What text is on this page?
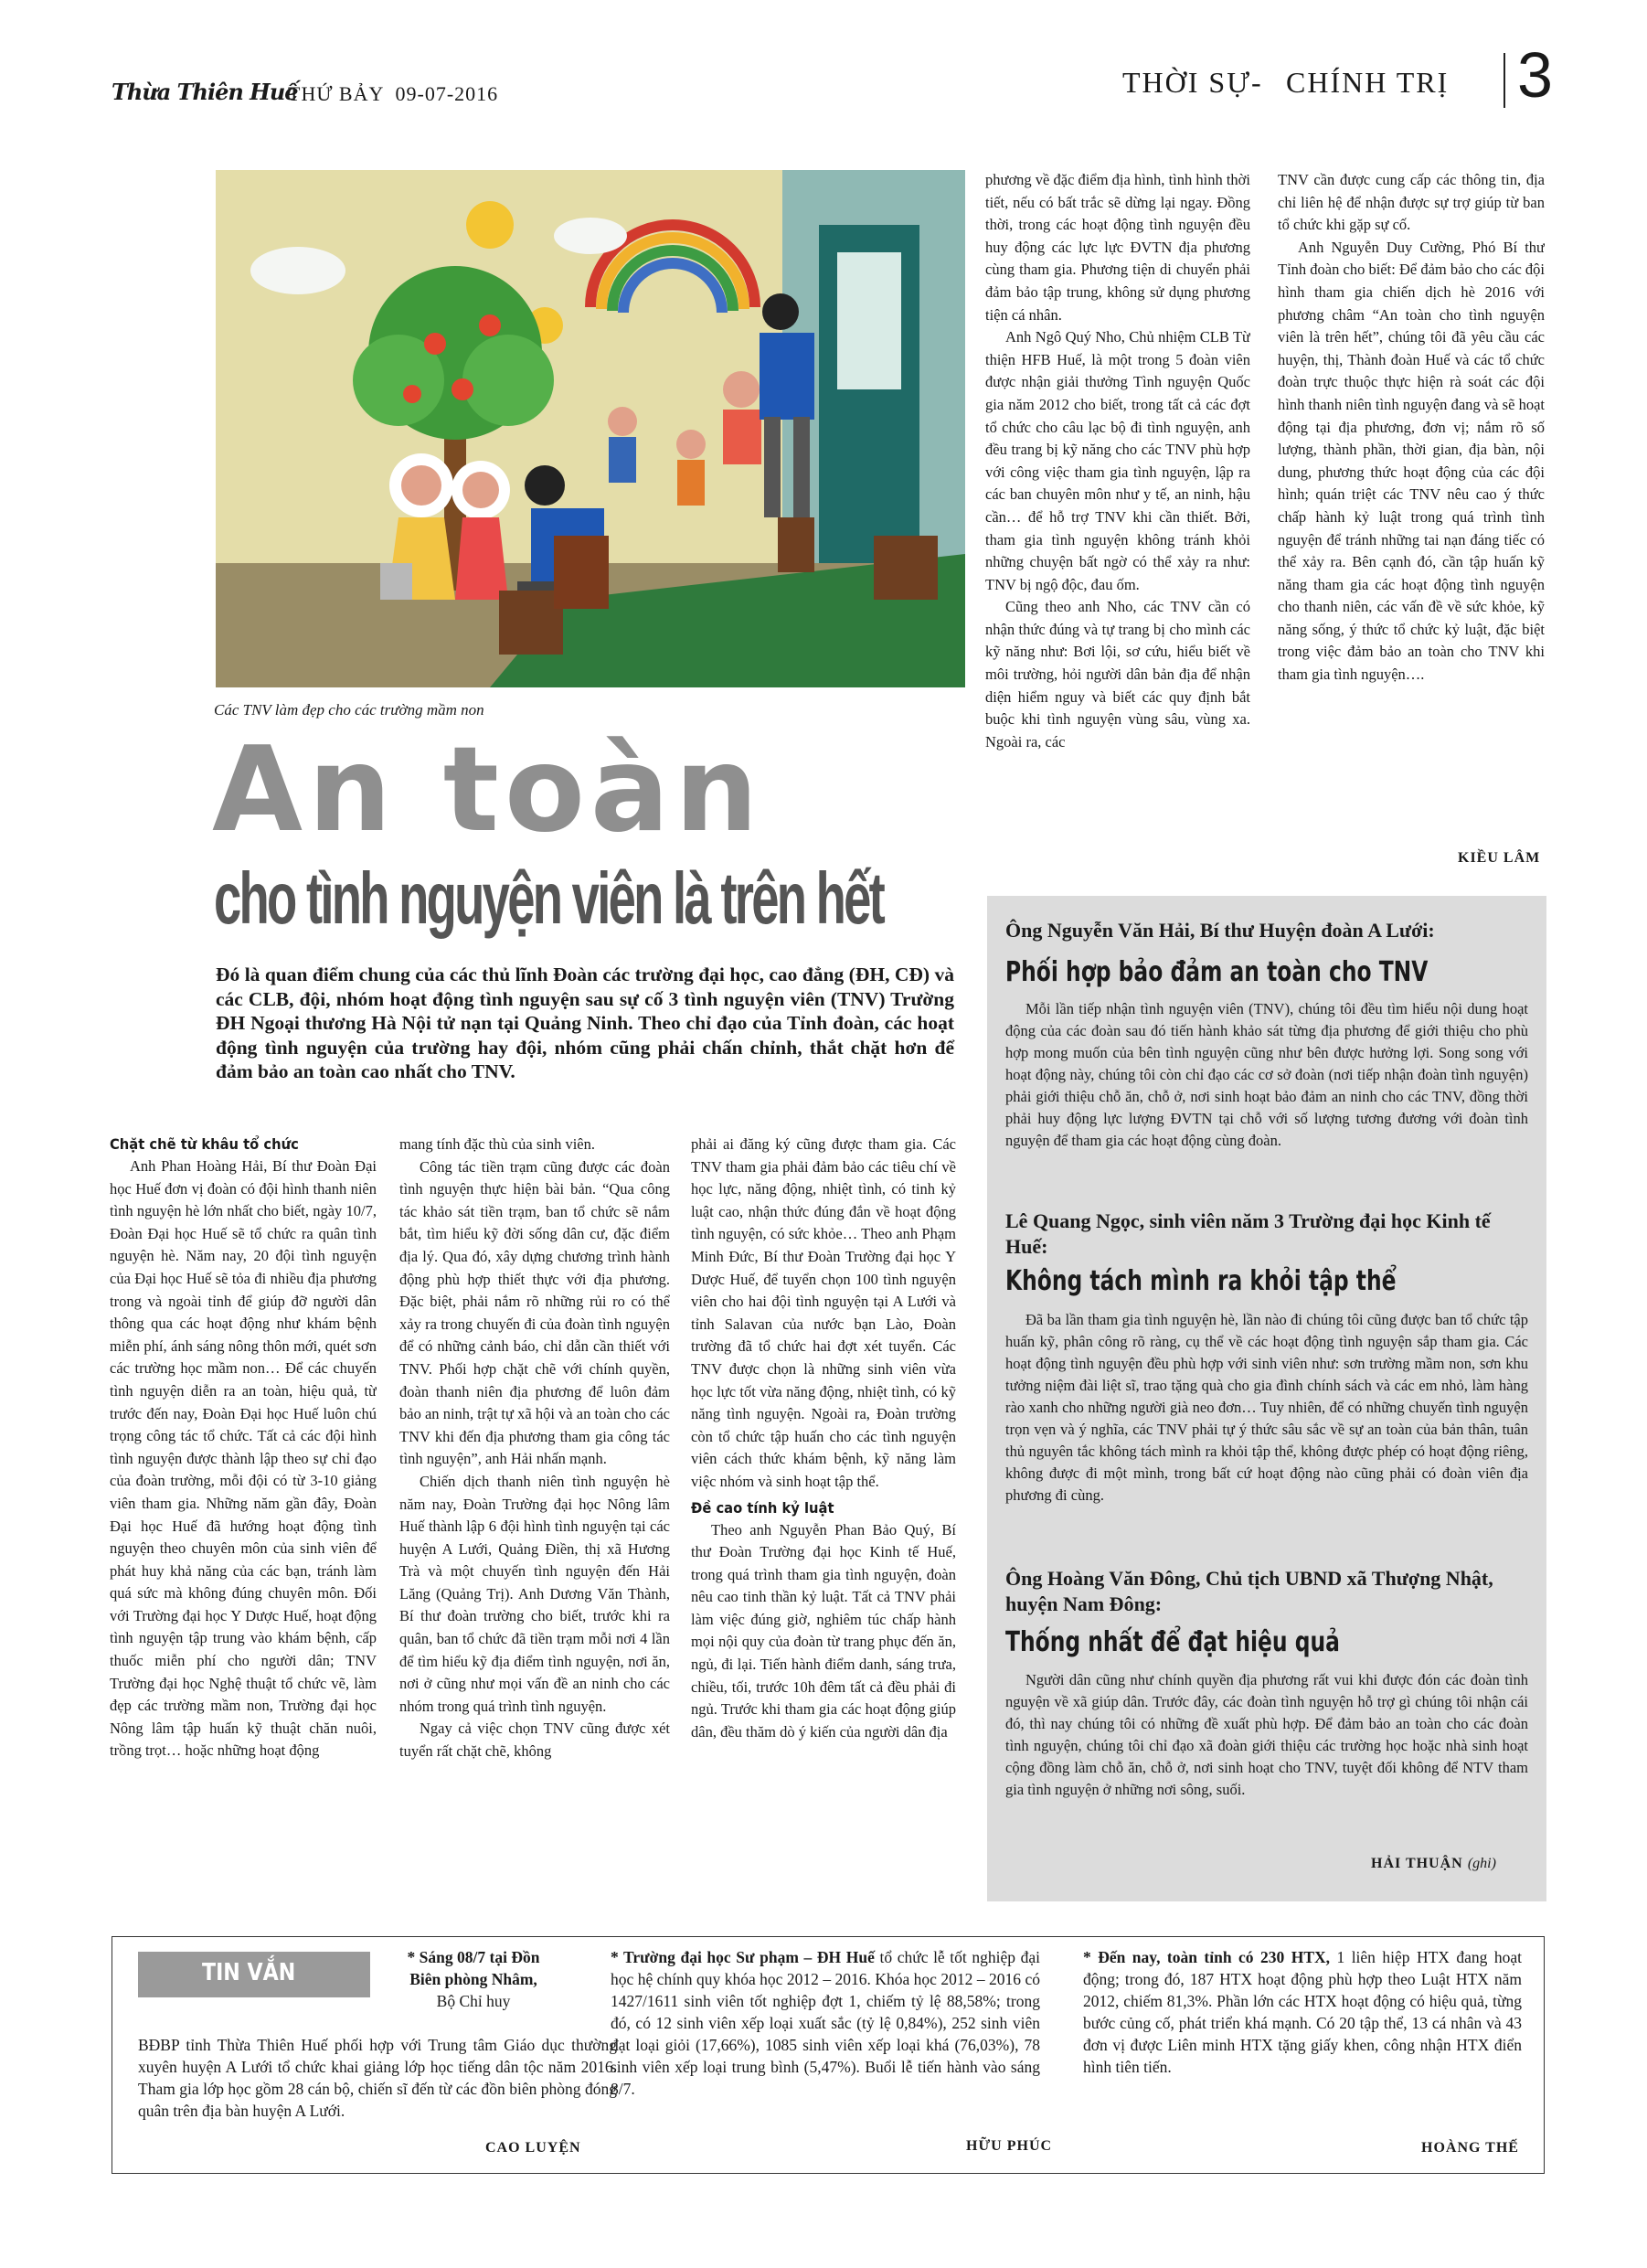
Thừa Thiên Huế
THỨ BẢY  09-07-2016	THỜI SỰ- CHÍNH TRỊ 3
Các TNV làm đẹp cho các trường mầm non
An toàn
cho tình nguyện viên là trên hết
Đó là quan điểm chung của các thủ lĩnh Đoàn các trường đại học, cao đẳng (ĐH, CĐ) và các CLB, đội, nhóm hoạt động tình nguyện sau sự cố 3 tình nguyện viên (TNV) Trường ĐH Ngoại thương Hà Nội tử nạn tại Quảng Ninh. Theo chỉ đạo của Tỉnh đoàn, các hoạt động tình nguyện của trường hay đội, nhóm cũng phải chấn chỉnh, thắt chặt hơn để đảm bảo an toàn cao nhất cho TNV.
Chặt chẽ từ khâu tổ chức

Anh Phan Hoàng Hải, Bí thư Đoàn Đại học Huế đơn vị đoàn có đội hình thanh niên tình nguyện hè lớn nhất cho biết, ngày 10/7, Đoàn Đại học Huế sẽ tổ chức ra quân tình nguyện hè. Năm nay, 20 đội tình nguyện của Đại học Huế sẽ tỏa đi nhiều địa phương trong và ngoài tỉnh để giúp đỡ người dân thông qua các hoạt động như khám bệnh miễn phí, ánh sáng nông thôn mới, quét sơn các trường học mầm non… Để các chuyến tình nguyện diễn ra an toàn, hiệu quả, từ trước đến nay, Đoàn Đại học Huế luôn chú trọng công tác tổ chức. Tất cả các đội hình tình nguyện được thành lập theo sự chỉ đạo của đoàn trường, mỗi đội có từ 3-10 giảng viên tham gia. Những năm gần đây, Đoàn Đại học Huế đã hướng hoạt động tình nguyện theo chuyên môn của sinh viên để phát huy khả năng của các bạn, tránh làm quá sức mà không đúng chuyên môn. Đối với Trường đại học Y Dược Huế, hoạt động tình nguyện tập trung vào khám bệnh, cấp thuốc miễn phí cho người dân; TNV Trường đại học Nghệ thuật tổ chức vẽ, làm đẹp các trường mầm non, Trường đại học Nông lâm tập huấn kỹ thuật chăn nuôi, trồng trọt… hoặc những hoạt động

mang tính đặc thù của sinh viên.

Công tác tiền trạm cũng được các đoàn tình nguyện thực hiện bài bản. “Qua công tác khảo sát tiền trạm, ban tổ chức sẽ nắm bắt, tìm hiểu kỹ đời sống dân cư, đặc điểm địa lý. Qua đó, xây dựng chương trình hành động phù hợp thiết thực với địa phương. Đặc biệt, phải nắm rõ những rủi ro có thể xảy ra trong chuyến đi của đoàn tình nguyện để có những cảnh báo, chỉ dẫn cần thiết với TNV. Phối hợp chặt chẽ với chính quyền, đoàn thanh niên địa phương để luôn đảm bảo an ninh, trật tự xã hội và an toàn cho các TNV khi đến địa phương tham gia công tác tình nguyện”, anh Hải nhấn mạnh.

Chiến dịch thanh niên tình nguyện hè năm nay, Đoàn Trường đại học Nông lâm Huế thành lập 6 đội hình tình nguyện tại các huyện A Lưới, Quảng Điền, thị xã Hương Trà và một chuyến tình nguyện đến Hải Lăng (Quảng Trị). Anh Dương Văn Thành, Bí thư đoàn trường cho biết, trước khi ra quân, ban tổ chức đã tiền trạm mỗi nơi 4 lần để tìm hiểu kỹ địa điểm tình nguyện, nơi ăn, nơi ở cũng như mọi vấn đề an ninh cho các nhóm trong quá trình tình nguyện.

Ngay cả việc chọn TNV cũng được xét tuyển rất chặt chẽ, không

phải ai đăng ký cũng được tham gia. Các TNV tham gia phải đảm bảo các tiêu chí về học lực, năng động, nhiệt tình, có tinh kỷ luật cao, nhận thức đúng đắn về hoạt động tình nguyện, có sức khỏe… Theo anh Phạm Minh Đức, Bí thư Đoàn Trường đại học Y Dược Huế, để tuyển chọn 100 tình nguyện viên cho hai đội tình nguyện tại A Lưới và tỉnh Salavan của nước bạn Lào, Đoàn trường đã tổ chức hai đợt xét tuyển. Các TNV được chọn là những sinh viên vừa học lực tốt vừa năng động, nhiệt tình, có kỹ năng tình nguyện. Ngoài ra, Đoàn trường còn tổ chức tập huấn cho các tình nguyện viên cách thức khám bệnh, kỹ năng làm việc nhóm và sinh hoạt tập thể.

Đề cao tính kỷ luật

Theo anh Nguyễn Phan Bảo Quý, Bí thư Đoàn Trường đại học Kinh tế Huế, trong quá trình tham gia tình nguyện, đoàn nêu cao tinh thần kỷ luật. Tất cả TNV phải làm việc đúng giờ, nghiêm túc chấp hành mọi nội quy của đoàn từ trang phục đến ăn, ngủ, đi lại. Tiến hành điểm danh, sáng trưa, chiều, tối, trước 10h đêm tất cả đều phải đi ngủ. Trước khi tham gia các hoạt động giúp dân, đều thăm dò ý kiến của người dân địa

phương về đặc điểm địa hình, tình hình thời tiết, nếu có bất trắc sẽ dừng lại ngay. Đồng thời, trong các hoạt động tình nguyện đều huy động các lực lực ĐVTN địa phương cùng tham gia. Phương tiện di chuyển phải đảm bảo tập trung, không sử dụng phương tiện cá nhân.

Anh Ngô Quý Nho, Chủ nhiệm CLB Từ thiện HFB Huế, là một trong 5 đoàn viên được nhận giải thưởng Tình nguyện Quốc gia năm 2012 cho biết, trong tất cả các đợt tổ chức cho câu lạc bộ đi tình nguyện, anh đều trang bị kỹ năng cho các TNV phù hợp với công việc tham gia tình nguyện, lập ra các ban chuyên môn như y tế, an ninh, hậu cần… để hỗ trợ TNV khi cần thiết. Bởi, tham gia tình nguyện không tránh khỏi những chuyện bất ngờ có thể xảy ra như: TNV bị ngộ độc, đau ốm.

Cũng theo anh Nho, các TNV cần có nhận thức đúng và tự trang bị cho mình các kỹ năng như: Bơi lội, sơ cứu, hiểu biết về môi trường, hỏi người dân bản địa để nhận diện hiểm nguy và biết các quy định bắt buộc khi tình nguyện vùng sâu, vùng xa. Ngoài ra, các

TNV cần được cung cấp các thông tin, địa chỉ liên hệ để nhận được sự trợ giúp từ ban tổ chức khi gặp sự cố.

Anh Nguyễn Duy Cường, Phó Bí thư Tỉnh đoàn cho biết: Để đảm bảo cho các đội hình tham gia chiến dịch hè 2016 với phương châm “An toàn cho tình nguyện viên là trên hết”, chúng tôi đã yêu cầu các huyện, thị, Thành đoàn Huế và các tổ chức đoàn trực thuộc thực hiện rà soát các đội hình thanh niên tình nguyện đang và sẽ hoạt động tại địa phương, đơn vị; nắm rõ số lượng, thành phần, thời gian, địa bàn, nội dung, phương thức hoạt động của các đội hình; quán triệt các TNV nêu cao ý thức chấp hành kỷ luật trong quá trình tình nguyện để tránh những tai nạn đáng tiếc có thể xảy ra. Bên cạnh đó, cần tập huấn kỹ năng tham gia các hoạt động tình nguyện cho thanh niên, các vấn đề về sức khỏe, kỹ năng sống, ý thức tổ chức kỷ luật, đặc biệt trong việc đảm bảo an toàn cho TNV khi tham gia tình nguyện….

KIỀU LÂM
Ông Nguyễn Văn Hải, Bí thư Huyện đoàn A Lưới:
Phối hợp bảo đảm an toàn cho TNV
Mỗi lần tiếp nhận tình nguyện viên (TNV), chúng tôi đều tìm hiểu nội dung hoạt động của các đoàn sau đó tiến hành khảo sát từng địa phương để giới thiệu cho phù hợp mong muốn của bên tình nguyện cũng như bên được hưởng lợi. Song song với hoạt động này, chúng tôi còn chỉ đạo các cơ sở đoàn (nơi tiếp nhận đoàn tình nguyện) phải giới thiệu chỗ ăn, chỗ ở, nơi sinh hoạt bảo đảm an ninh cho các TNV, đồng thời phải huy động lực lượng ĐVTN tại chỗ với số lượng tương đương với đoàn tình nguyện để tham gia các hoạt động cùng đoàn.
Lê Quang Ngọc, sinh viên năm 3 Trường đại học Kinh tế Huế:
Không tách mình ra khỏi tập thể
Đã ba lần tham gia tình nguyện hè, lần nào đi chúng tôi cũng được ban tổ chức tập huấn kỹ, phân công rõ ràng, cụ thể về các hoạt động tình nguyện sắp tham gia. Các hoạt động tình nguyện đều phù hợp với sinh viên như: sơn trường mầm non, sơn khu tưởng niệm đài liệt sĩ, trao tặng quà cho gia đình chính sách và các em nhỏ, làm hàng rào xanh cho những người già neo đơn… Tuy nhiên, để có những chuyến tình nguyện trọn vẹn và ý nghĩa, các TNV phải tự ý thức sâu sắc về sự an toàn của bản thân, tuân thủ nguyên tắc không tách mình ra khỏi tập thể, không được phép có hoạt động riêng, không được đi một mình, trong bất cứ hoạt động nào cũng phải có đoàn viên địa phương đi cùng.
Ông Hoàng Văn Đông, Chủ tịch UBND xã Thượng Nhật, huyện Nam Đông:
Thống nhất để đạt hiệu quả
Người dân cũng như chính quyền địa phương rất vui khi được đón các đoàn tình nguyện về xã giúp dân. Trước đây, các đoàn tình nguyện hỗ trợ gì chúng tôi nhận cái đó, thì nay chúng tôi có những đề xuất phù hợp. Để đảm bảo an toàn cho các đoàn tình nguyện, chúng tôi chỉ đạo xã đoàn giới thiệu các trường học hoặc nhà sinh hoạt cộng đồng làm chỗ ăn, chỗ ở, nơi sinh hoạt cho TNV, tuyệt đối không để NTV tham gia tình nguyện ở những nơi sông, suối.
HẢI THUẬN (ghi)
TIN VẮN
* Sáng 08/7 tại Đồn Biên phòng Nhâm, Bộ Chỉ huy
BĐBP tỉnh Thừa Thiên Huế phối hợp với Trung tâm Giáo dục thường xuyên huyện A Lưới tổ chức khai giảng lớp học tiếng dân tộc năm 2016. Tham gia lớp học gồm 28 cán bộ, chiến sĩ đến từ các đồn biên phòng đóng quân trên địa bàn huyện A Lưới.
CAO LUYỆN
* Trường đại học Sư phạm – ĐH Huế tổ chức lễ tốt nghiệp đại học hệ chính quy khóa học 2012 – 2016. Khóa học 2012 – 2016 có 1427/1611 sinh viên tốt nghiệp đợt 1, chiếm tỷ lệ 88,58%; trong đó, có 12 sinh viên xếp loại xuất sắc (tỷ lệ 0,84%), 252 sinh viên đạt loại giỏi (17,66%), 1085 sinh viên xếp loại khá (76,03%), 78 sinh viên xếp loại trung bình (5,47%). Buổi lễ tiến hành vào sáng 8/7.
HỮU PHÚC
* Đến nay, toàn tỉnh có 230 HTX, 1 liên hiệp HTX đang hoạt động; trong đó, 187 HTX hoạt động phù hợp theo Luật HTX năm 2012, chiếm 81,3%. Phần lớn các HTX hoạt động có hiệu quả, từng bước củng cố, phát triển khá mạnh. Có 20 tập thể, 13 cá nhân và 43 đơn vị được Liên minh HTX tặng giấy khen, công nhận HTX điển hình tiên tiến.
HOÀNG THẾ
